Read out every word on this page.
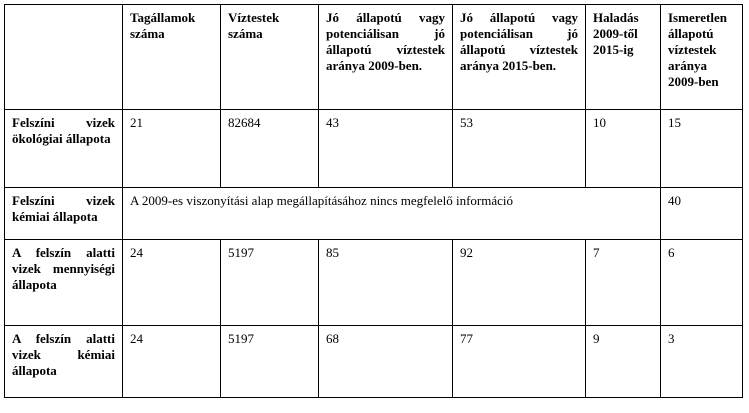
	Tagállamok száma	Víztestek száma	Jó állapotú vagy potenciálisan jó állapotú víztestek aránya 2009-ben.	Jó állapotú vagy potenciálisan jó állapotú víztestek aránya 2015-ben.	Haladás 2009-től 2015-ig	Ismeretlen állapotú víztestek aránya 2009-ben
Felszíni vizek ökológiai állapota	21	82684	43	53	10	15
Felszíni vizek kémiai állapota	A 2009-es viszonyítási alap megállapításához nincs megfelelő információ					40
A felszín alatti vizek mennyiségi állapota	24	5197	85	92	7	6
A felszín alatti vizek kémiai állapota	24	5197	68	77	9	3
